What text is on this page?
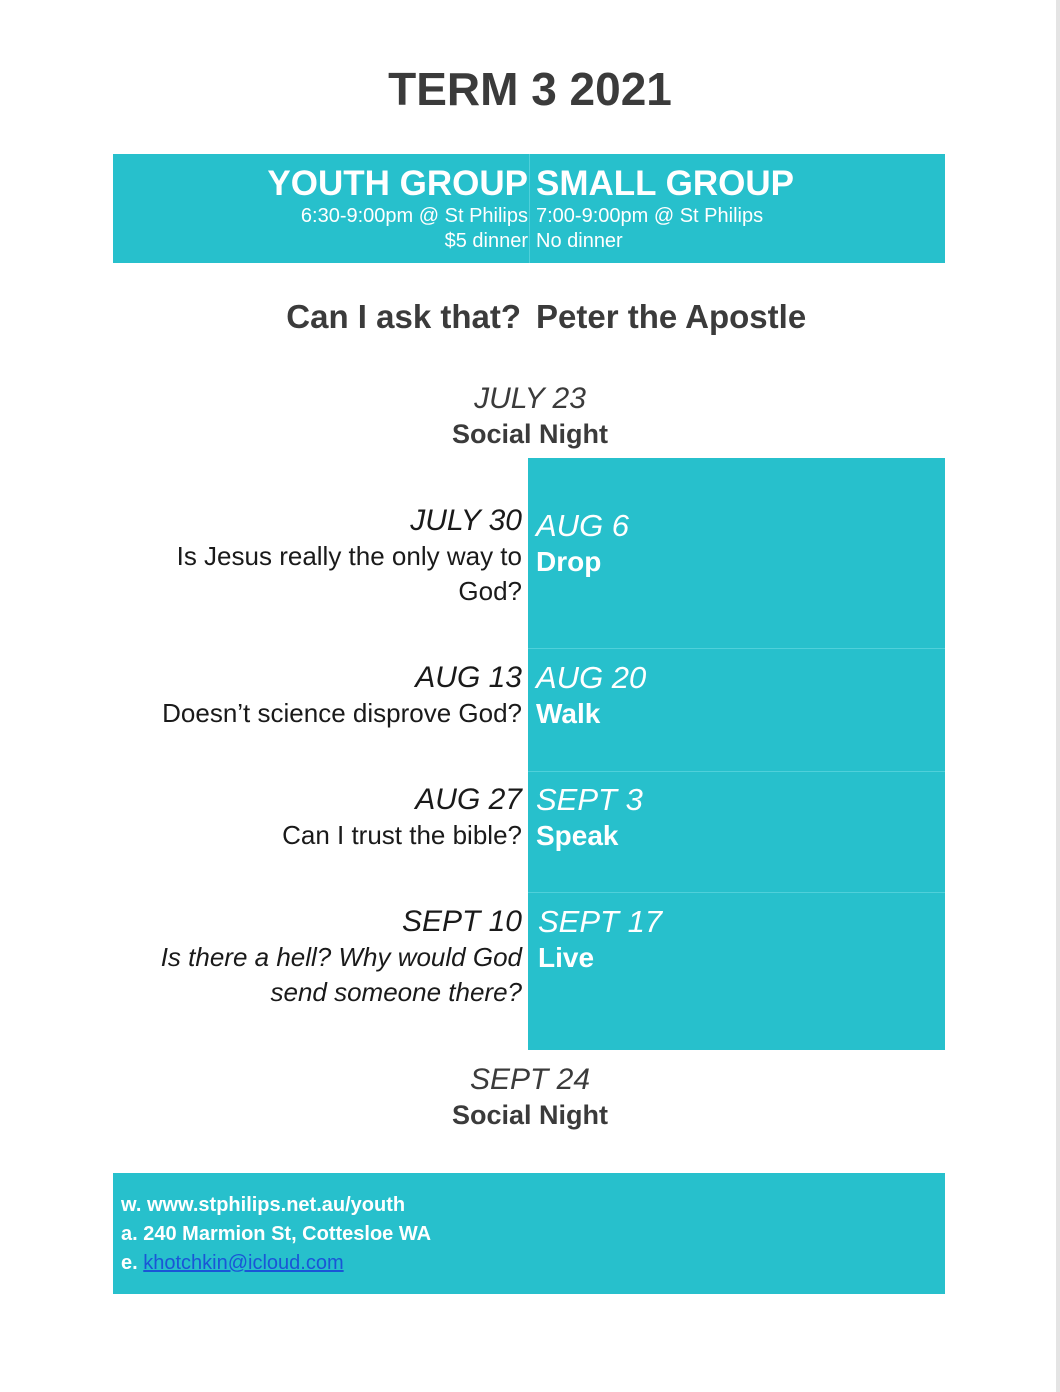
TERM 3 2021
YOUTH GROUP
6:30-9:00pm @ St Philips
$5 dinner
SMALL GROUP
7:00-9:00pm @ St Philips
No dinner
Can I ask that? Peter the Apostle
JULY 23
Social Night
JULY 30
Is Jesus really the only way to
God?
AUG 6
Drop
AUG 13
Doesn’t science disprove God?
AUG 20
Walk
AUG 27
Can I trust the bible?
SEPT 3
Speak
SEPT 10
Is there a hell? Why would God
send someone there?
SEPT 17
Live
SEPT 24
Social Night
w. www.stphilips.net.au/youth
a. 240 Marmion St, Cottesloe WA
e. khotchkin@icloud.com
